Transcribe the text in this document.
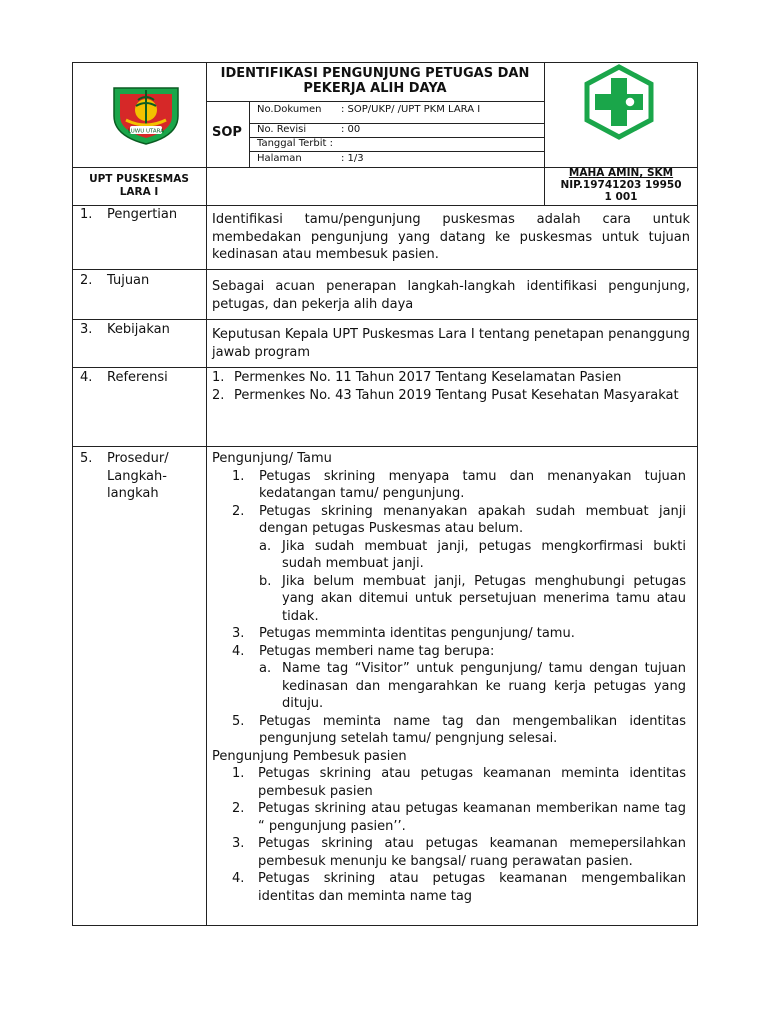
LUWU UTARA
IDENTIFIKASI PENGUNJUNG PETUGAS DAN PEKERJA ALIH DAYA
SOP
No.Dokumen : SOP/UKP/ /UPT PKM LARA I
No. Revisi	: 00
Tanggal Terbit :
Halaman	: 1/3
UPT PUSKESMAS
LARA I
MAHA AMIN, SKM
NIP.19741203 19950
1 001
1.	Pengertian	Identifikasi tamu/pengunjung puskesmas adalah cara untuk membedakan pengunjung yang datang ke puskesmas untuk tujuan kedinasan atau membesuk pasien.
2.	Tujuan	Sebagai acuan penerapan langkah-langkah identifikasi pengunjung, petugas, dan pekerja alih daya
3.	Kebijakan	Keputusan Kepala UPT Puskesmas Lara I tentang penetapan penanggung jawab program
4.	Referensi	1. Permenkes No. 11 Tahun 2017 Tentang Keselamatan Pasien
2. Permenkes No. 43 Tahun 2019 Tentang Pusat Kesehatan Masyarakat
5.	Prosedur/
Langkah-
langkah
Pengunjung/ Tamu
1.	Petugas skrining menyapa tamu dan menanyakan tujuan kedatangan tamu/ pengunjung.
2.	Petugas skrining menanyakan apakah sudah membuat janji dengan petugas Puskesmas atau belum.
a. Jika sudah membuat janji, petugas mengkorfirmasi bukti sudah membuat janji.
b. Jika belum membuat janji, Petugas menghubungi petugas yang akan ditemui untuk persetujuan menerima tamu atau tidak.
3.	Petugas memminta identitas pengunjung/ tamu.
4.	Petugas memberi name tag berupa:
a. Name tag “Visitor” untuk pengunjung/ tamu dengan tujuan kedinasan dan mengarahkan ke ruang kerja petugas yang dituju.
5.	Petugas meminta name tag dan mengembalikan identitas pengunjung setelah tamu/ pengnjung selesai.
Pengunjung Pembesuk pasien
1.	Petugas skrining atau petugas keamanan meminta identitas pembesuk pasien
2.	Petugas skrining atau petugas keamanan memberikan name tag “ pengunjung pasien’’.
3.	Petugas skrining atau petugas keamanan memepersilahkan pembesuk menunju ke bangsal/ ruang perawatan pasien.
4.	Petugas skrining atau petugas keamanan mengembalikan identitas dan meminta name tag
